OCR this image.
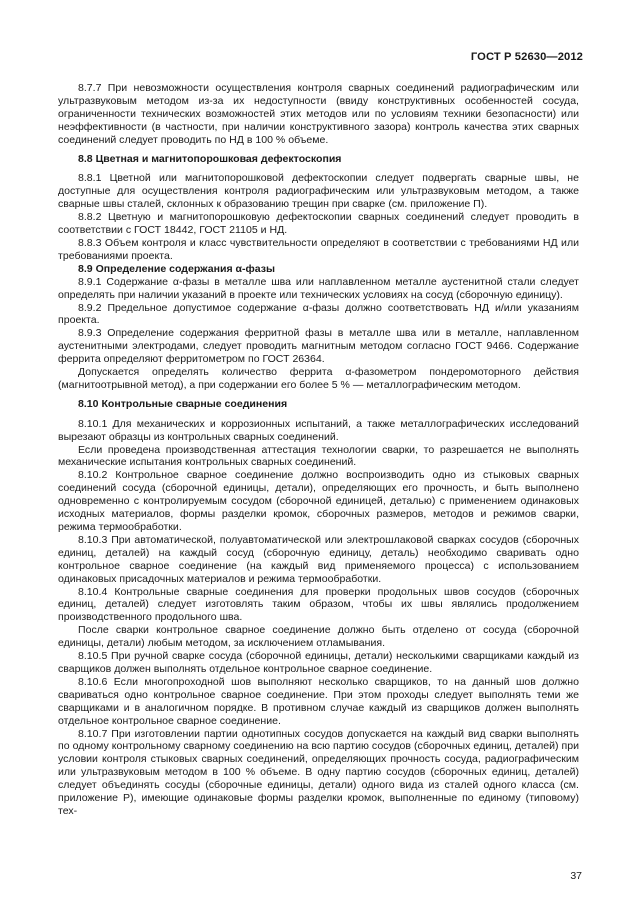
ГОСТ Р 52630—2012

8.7.7 При невозможности осуществления контроля сварных соединений радиографическим или ультразвуковым методом из-за их недоступности (ввиду конструктивных особенностей сосуда, ограниченности технических возможностей этих методов или по условиям техники безопасности) или неэффективности (в частности, при наличии конструктивного зазора) контроль качества этих сварных соединений следует проводить по НД в 100 % объеме.

8.8 Цветная и магнитопорошковая дефектоскопия

8.8.1 Цветной или магнитопорошковой дефектоскопии следует подвергать сварные швы, не доступные для осуществления контроля радиографическим или ультразвуковым методом, а также сварные швы сталей, склонных к образованию трещин при сварке (см. приложение П).

8.8.2 Цветную и магнитопорошковую дефектоскопии сварных соединений следует проводить в соответствии с ГОСТ 18442, ГОСТ 21105 и НД.

8.8.3 Объем контроля и класс чувствительности определяют в соответствии с требованиями НД или требованиями проекта.

8.9 Определение содержания α-фазы

8.9.1 Содержание α-фазы в металле шва или наплавленном металле аустенитной стали следует определять при наличии указаний в проекте или технических условиях на сосуд (сборочную единицу).

8.9.2 Предельное допустимое содержание α-фазы должно соответствовать НД и/или указаниям проекта.

8.9.3 Определение содержания ферритной фазы в металле шва или в металле, наплавленном аустенитными электродами, следует проводить магнитным методом согласно ГОСТ 9466. Содержание феррита определяют ферритометром по ГОСТ 26364.

Допускается определять количество феррита α-фазометром пондеромоторного действия (магнитоотрывной метод), а при содержании его более 5 % — металлографическим методом.

8.10 Контрольные сварные соединения

8.10.1 Для механических и коррозионных испытаний, а также металлографических исследований вырезают образцы из контрольных сварных соединений.

Если проведена производственная аттестация технологии сварки, то разрешается не выполнять механические испытания контрольных сварных соединений.

8.10.2 Контрольное сварное соединение должно воспроизводить одно из стыковых сварных соединений сосуда (сборочной единицы, детали), определяющих его прочность, и быть выполнено одновременно с контролируемым сосудом (сборочной единицей, деталью) с применением одинаковых исходных материалов, формы разделки кромок, сборочных размеров, методов и режимов сварки, режима термообработки.

8.10.3 При автоматической, полуавтоматической или электрошлаковой сварках сосудов (сборочных единиц, деталей) на каждый сосуд (сборочную единицу, деталь) необходимо сваривать одно контрольное сварное соединение (на каждый вид применяемого процесса) с использованием одинаковых присадочных материалов и режима термообработки.

8.10.4 Контрольные сварные соединения для проверки продольных швов сосудов (сборочных единиц, деталей) следует изготовлять таким образом, чтобы их швы являлись продолжением производственного продольного шва.

После сварки контрольное сварное соединение должно быть отделено от сосуда (сборочной единицы, детали) любым методом, за исключением отламывания.

8.10.5 При ручной сварке сосуда (сборочной единицы, детали) несколькими сварщиками каждый из сварщиков должен выполнять отдельное контрольное сварное соединение.

8.10.6 Если многопроходной шов выполняют несколько сварщиков, то на данный шов должно свариваться одно контрольное сварное соединение. При этом проходы следует выполнять теми же сварщиками и в аналогичном порядке. В противном случае каждый из сварщиков должен выполнять отдельное контрольное сварное соединение.

8.10.7 При изготовлении партии однотипных сосудов допускается на каждый вид сварки выполнять по одному контрольному сварному соединению на всю партию сосудов (сборочных единиц, деталей) при условии контроля стыковых сварных соединений, определяющих прочность сосуда, радиографическим или ультразвуковым методом в 100 % объеме. В одну партию сосудов (сборочных единиц, деталей) следует объединять сосуды (сборочные единицы, детали) одного вида из сталей одного класса (см. приложение Р), имеющие одинаковые формы разделки кромок, выполненные по единому (типовому) тех-

37
